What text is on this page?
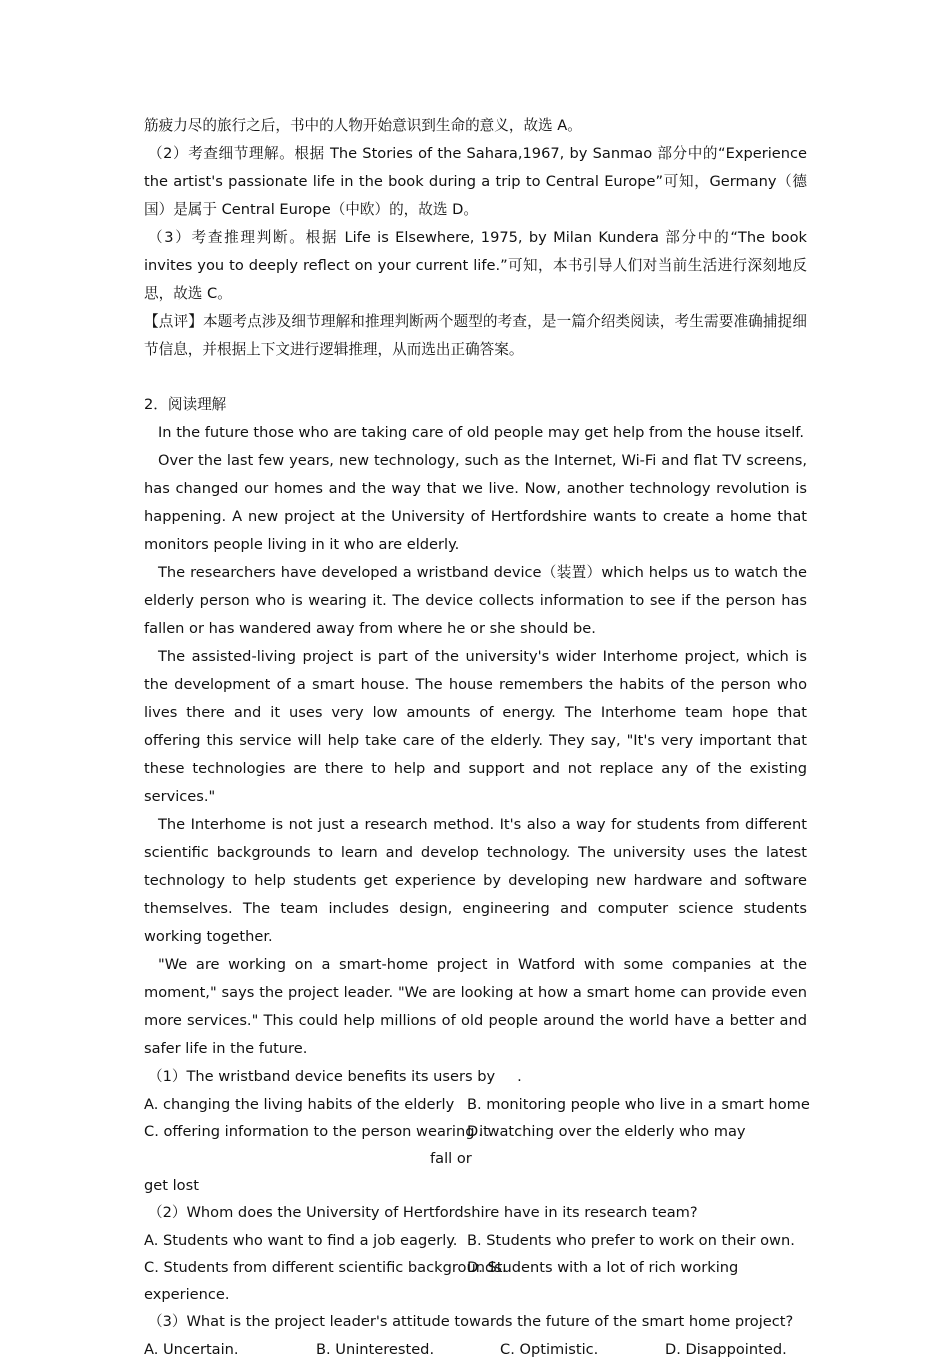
筋疲力尽的旅行之后，书中的人物开始意识到生命的意义，故选 A。

（2）考查细节理解。根据 The Stories of the Sahara,1967, by Sanmao 部分中的“Experience the artist's passionate life in the book during a trip to Central Europe”可知，Germany（德国）是属于 Central Europe（中欧）的，故选 D。

（3）考查推理判断。根据 Life is Elsewhere, 1975, by Milan Kundera 部分中的“The book invites you to deeply reflect on your current life.”可知，本书引导人们对当前生活进行深刻地反思，故选 C。

【点评】本题考点涉及细节理解和推理判断两个题型的考查，是一篇介绍类阅读，考生需要准确捕捉细节信息，并根据上下文进行逻辑推理，从而选出正确答案。

2．阅读理解

In the future those who are taking care of old people may get help from the house itself.

Over the last few years, new technology, such as the Internet, Wi-Fi and flat TV screens, has changed our homes and the way that we live. Now, another technology revolution is happening. A new project at the University of Hertfordshire wants to create a home that monitors people living in it who are elderly.

The researchers have developed a wristband device（装置）which helps us to watch the elderly person who is wearing it. The device collects information to see if the person has fallen or has wandered away from where he or she should be.

The assisted-living project is part of the university's wider Interhome project, which is the development of a smart house. The house remembers the habits of the person who lives there and it uses very low amounts of energy. The Interhome team hope that offering this service will help take care of the elderly. They say, "It's very important that these technologies are there to help and support and not replace any of the existing services."

The Interhome is not just a research method. It's also a way for students from different scientific backgrounds to learn and develop technology. The university uses the latest technology to help students get experience by developing new hardware and software themselves. The team includes design, engineering and computer science students working together.

"We are working on a smart-home project in Watford with some companies at the moment," says the project leader. "We are looking at how a smart home can provide even more services." This could help millions of old people around the world have a better and safer life in the future.

（1）The wristband device benefits its users by .

A. changing the living habits of the elderly B. monitoring people who live in a smart home
C. offering information to the person wearing it
D. watching over the elderly who may fall or

get lost

（2）Whom does the University of Hertfordshire have in its research team?

A. Students who want to find a job eagerly. B. Students who prefer to work on their own.
C. Students from different scientific backgrounds.
D. Students with a lot of rich working

experience.

（3）What is the project leader's attitude towards the future of the smart home project?

A. Uncertain.	B. Uninterested.	C. Optimistic.	D. Disappointed.
